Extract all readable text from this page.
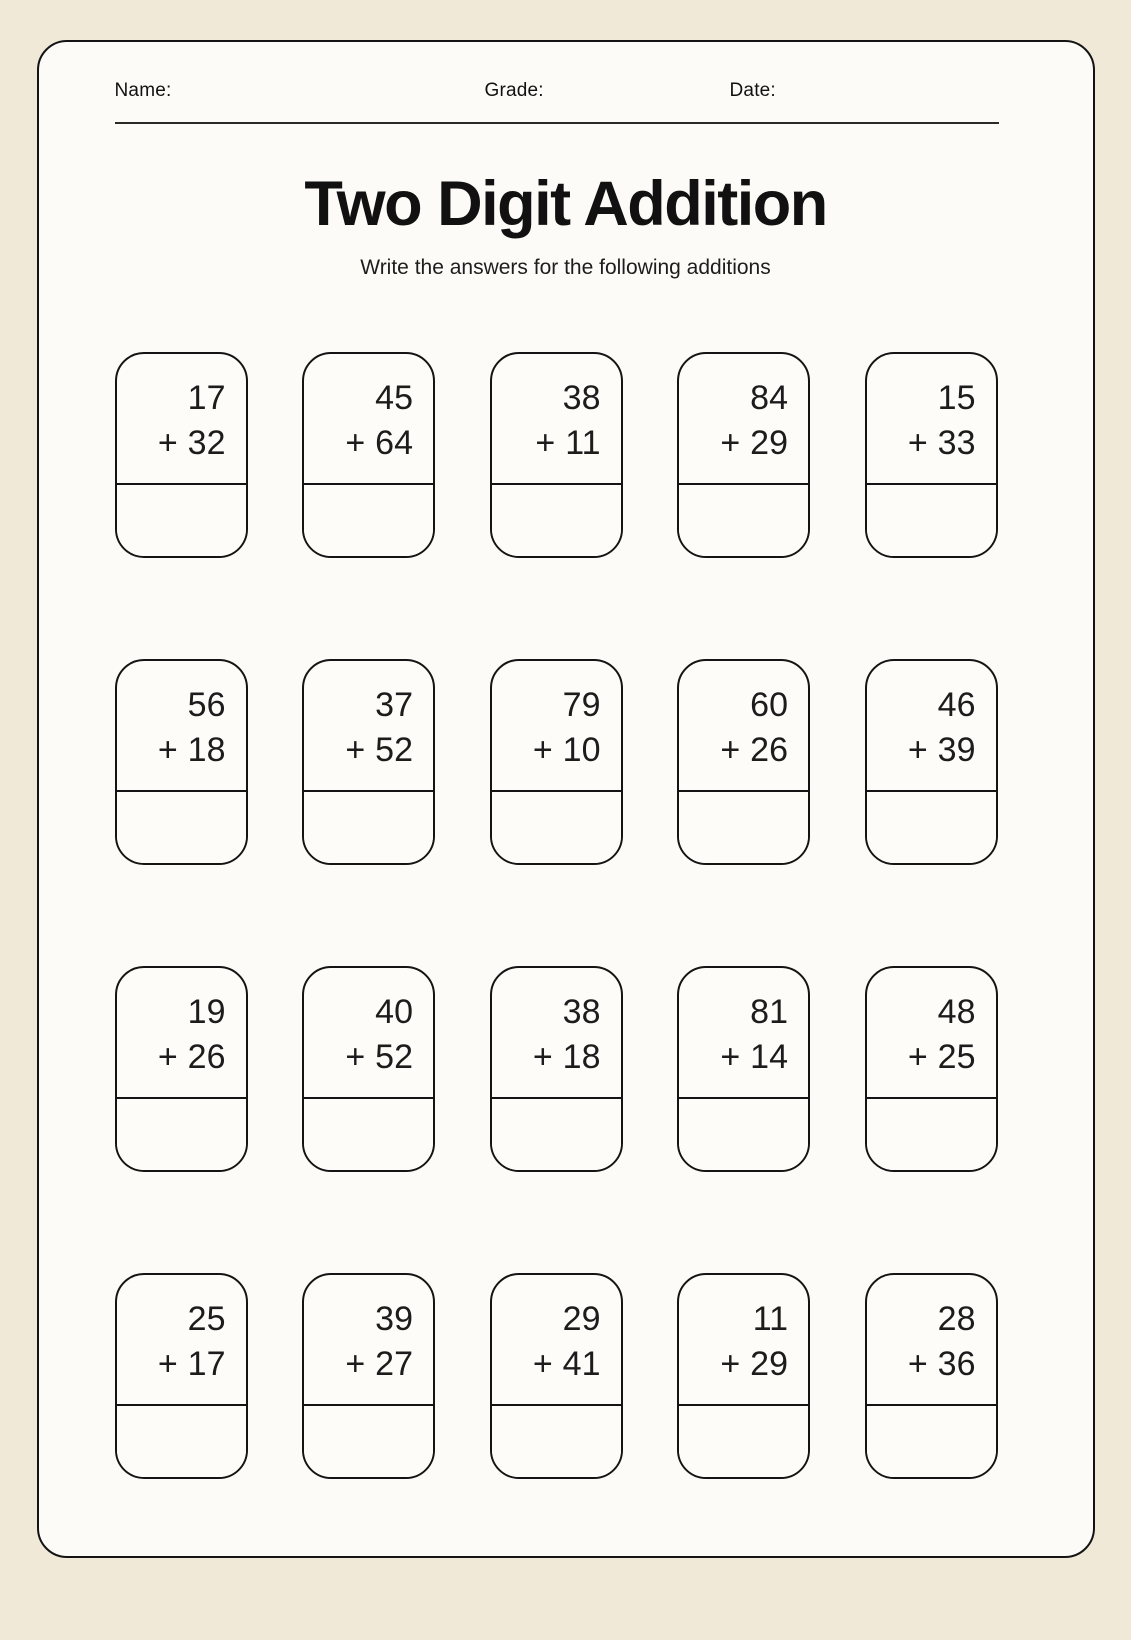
Name:	Grade:	Date:
Two Digit Addition
Write the answers for the following additions
17
+ 32
45
+ 64
38
+ 11
84
+ 29
15
+ 33
56
+ 18
37
+ 52
79
+ 10
60
+ 26
46
+ 39
19
+ 26
40
+ 52
38
+ 18
81
+ 14
48
+ 25
25
+ 17
39
+ 27
29
+ 41
11
+ 29
28
+ 36
